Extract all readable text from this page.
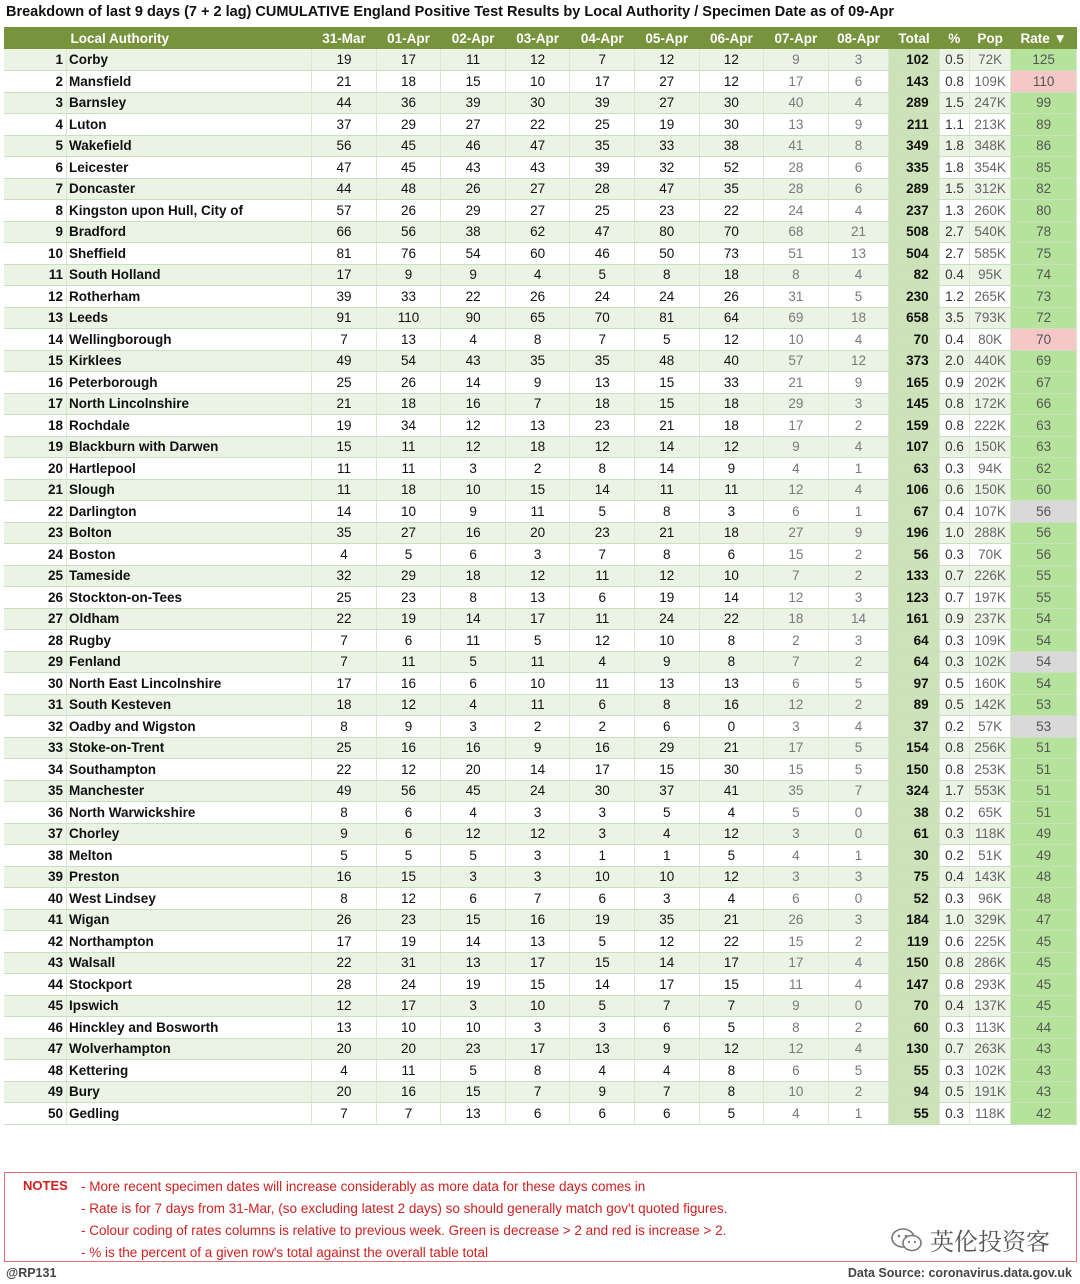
Breakdown of last 9 days (7 + 2 lag) CUMULATIVE England Positive Test Results by Local Authority / Specimen Date as of 09-Apr
	Local Authority	31-Mar	01-Apr	02-Apr	03-Apr	04-Apr	05-Apr	06-Apr	07-Apr	08-Apr	Total	%	Pop	Rate ▼
1	Corby	19	17	11	12	7	12	12	9	3	102	0.5	72K	125
2	Mansfield	21	18	15	10	17	27	12	17	6	143	0.8	109K	110
3	Barnsley	44	36	39	30	39	27	30	40	4	289	1.5	247K	99
4	Luton	37	29	27	22	25	19	30	13	9	211	1.1	213K	89
5	Wakefield	56	45	46	47	35	33	38	41	8	349	1.8	348K	86
6	Leicester	47	45	43	43	39	32	52	28	6	335	1.8	354K	85
7	Doncaster	44	48	26	27	28	47	35	28	6	289	1.5	312K	82
8	Kingston upon Hull, City of	57	26	29	27	25	23	22	24	4	237	1.3	260K	80
9	Bradford	66	56	38	62	47	80	70	68	21	508	2.7	540K	78
10	Sheffield	81	76	54	60	46	50	73	51	13	504	2.7	585K	75
11	South Holland	17	9	9	4	5	8	18	8	4	82	0.4	95K	74
12	Rotherham	39	33	22	26	24	24	26	31	5	230	1.2	265K	73
13	Leeds	91	110	90	65	70	81	64	69	18	658	3.5	793K	72
14	Wellingborough	7	13	4	8	7	5	12	10	4	70	0.4	80K	70
15	Kirklees	49	54	43	35	35	48	40	57	12	373	2.0	440K	69
16	Peterborough	25	26	14	9	13	15	33	21	9	165	0.9	202K	67
17	North Lincolnshire	21	18	16	7	18	15	18	29	3	145	0.8	172K	66
18	Rochdale	19	34	12	13	23	21	18	17	2	159	0.8	222K	63
19	Blackburn with Darwen	15	11	12	18	12	14	12	9	4	107	0.6	150K	63
20	Hartlepool	11	11	3	2	8	14	9	4	1	63	0.3	94K	62
21	Slough	11	18	10	15	14	11	11	12	4	106	0.6	150K	60
22	Darlington	14	10	9	11	5	8	3	6	1	67	0.4	107K	56
23	Bolton	35	27	16	20	23	21	18	27	9	196	1.0	288K	56
24	Boston	4	5	6	3	7	8	6	15	2	56	0.3	70K	56
25	Tameside	32	29	18	12	11	12	10	7	2	133	0.7	226K	55
26	Stockton-on-Tees	25	23	8	13	6	19	14	12	3	123	0.7	197K	55
27	Oldham	22	19	14	17	11	24	22	18	14	161	0.9	237K	54
28	Rugby	7	6	11	5	12	10	8	2	3	64	0.3	109K	54
29	Fenland	7	11	5	11	4	9	8	7	2	64	0.3	102K	54
30	North East Lincolnshire	17	16	6	10	11	13	13	6	5	97	0.5	160K	54
31	South Kesteven	18	12	4	11	6	8	16	12	2	89	0.5	142K	53
32	Oadby and Wigston	8	9	3	2	2	6	0	3	4	37	0.2	57K	53
33	Stoke-on-Trent	25	16	16	9	16	29	21	17	5	154	0.8	256K	51
34	Southampton	22	12	20	14	17	15	30	15	5	150	0.8	253K	51
35	Manchester	49	56	45	24	30	37	41	35	7	324	1.7	553K	51
36	North Warwickshire	8	6	4	3	3	5	4	5	0	38	0.2	65K	51
37	Chorley	9	6	12	12	3	4	12	3	0	61	0.3	118K	49
38	Melton	5	5	5	3	1	1	5	4	1	30	0.2	51K	49
39	Preston	16	15	3	3	10	10	12	3	3	75	0.4	143K	48
40	West Lindsey	8	12	6	7	6	3	4	6	0	52	0.3	96K	48
41	Wigan	26	23	15	16	19	35	21	26	3	184	1.0	329K	47
42	Northampton	17	19	14	13	5	12	22	15	2	119	0.6	225K	45
43	Walsall	22	31	13	17	15	14	17	17	4	150	0.8	286K	45
44	Stockport	28	24	19	15	14	17	15	11	4	147	0.8	293K	45
45	Ipswich	12	17	3	10	5	7	7	9	0	70	0.4	137K	45
46	Hinckley and Bosworth	13	10	10	3	3	6	5	8	2	60	0.3	113K	44
47	Wolverhampton	20	20	23	17	13	9	12	12	4	130	0.7	263K	43
48	Kettering	4	11	5	8	4	4	8	6	5	55	0.3	102K	43
49	Bury	20	16	15	7	9	7	8	10	2	94	0.5	191K	43
50	Gedling	7	7	13	6	6	6	5	4	1	55	0.3	118K	42
NOTES - More recent specimen dates will increase considerably as more data for these days comes in
- Rate is for 7 days from 31-Mar, (so excluding latest 2 days) so should generally match gov't quoted figures.
- Colour coding of rates columns is relative to previous week. Green is decrease > 2 and red is increase > 2.
- % is the percent of a given row's total against the overall table total	英伦投资客
@RP131	Data Source: coronavirus.data.gov.uk
